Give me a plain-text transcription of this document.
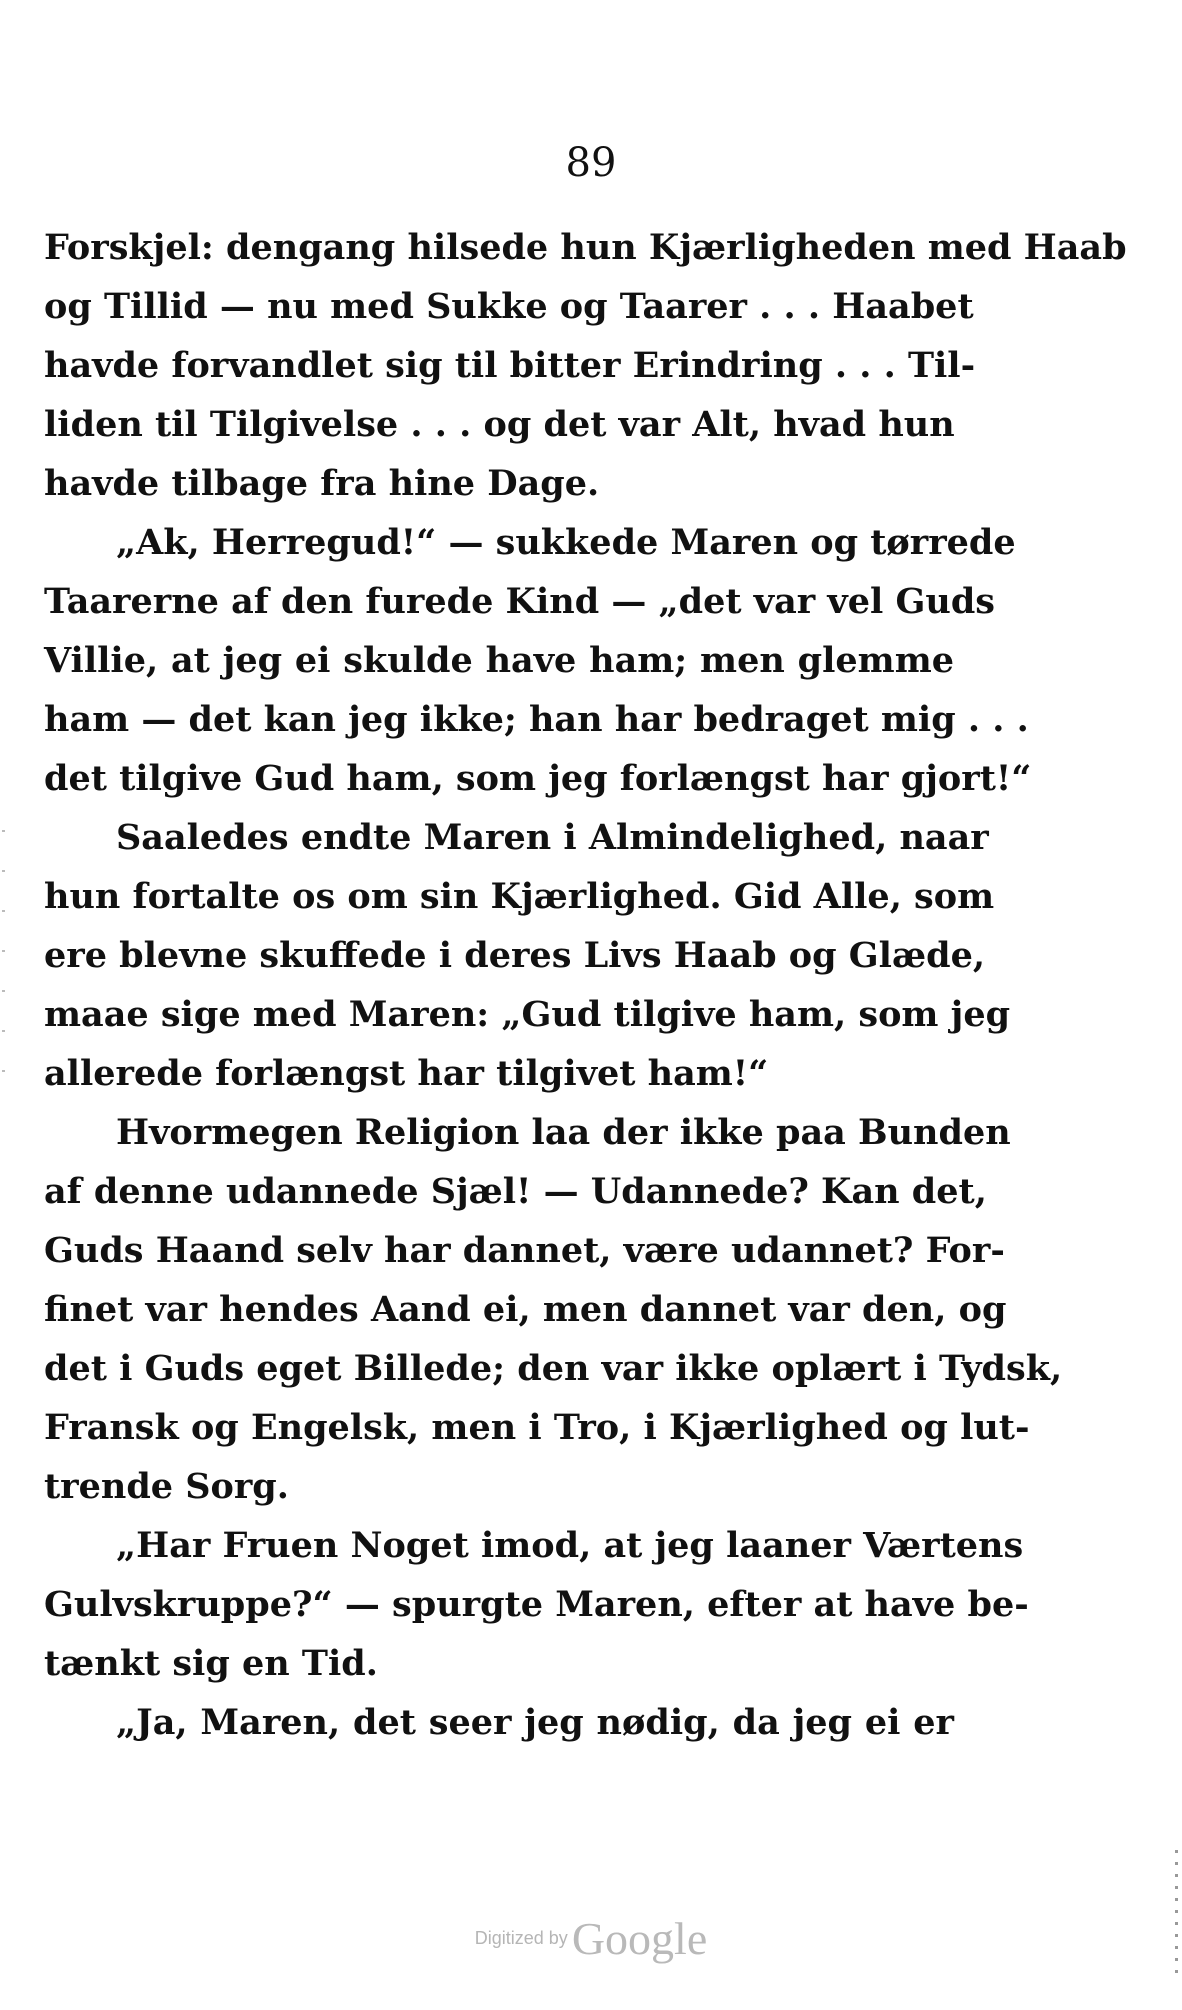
89
Forskjel: dengang hilsede hun Kjærligheden med Haab
og Tillid — nu med Sukke og Taarer . . . Haabet
havde forvandlet sig til bitter Erindring . . . Til-
liden til Tilgivelse . . . og det var Alt, hvad hun
havde tilbage fra hine Dage.
„Ak, Herregud!“ — sukkede Maren og tørrede
Taarerne af den furede Kind — „det var vel Guds
Villie, at jeg ei skulde have ham; men glemme
ham — det kan jeg ikke; han har bedraget mig . . .
det tilgive Gud ham, som jeg forlængst har gjort!“
Saaledes endte Maren i Almindelighed, naar
hun fortalte os om sin Kjærlighed. Gid Alle, som
ere blevne skuffede i deres Livs Haab og Glæde,
maae sige med Maren: „Gud tilgive ham, som jeg
allerede forlængst har tilgivet ham!“
Hvormegen Religion laa der ikke paa Bunden
af denne udannede Sjæl! — Udannede? Kan det,
Guds Haand selv har dannet, være udannet? For-
finet var hendes Aand ei, men dannet var den, og
det i Guds eget Billede; den var ikke oplært i Tydsk,
Fransk og Engelsk, men i Tro, i Kjærlighed og lut-
trende Sorg.
„Har Fruen Noget imod, at jeg laaner Værtens
Gulvskruppe?“ — spurgte Maren, efter at have be-
tænkt sig en Tid.
„Ja, Maren, det seer jeg nødig, da jeg ei er
Digitized by Google
